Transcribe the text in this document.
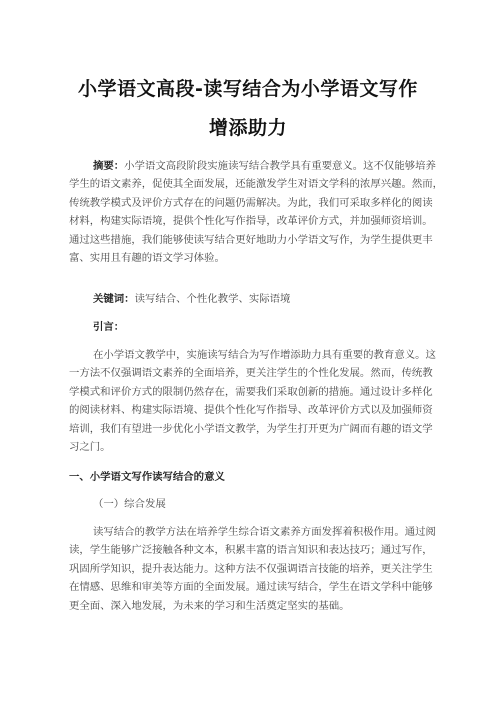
小学语文高段-读写结合为小学语文写作
增添助力
摘要：小学语文高段阶段实施读写结合教学具有重要意义。这不仅能够培养
学生的语文素养，促使其全面发展，还能激发学生对语文学科的浓厚兴趣。然而，
传统教学模式及评价方式存在的问题仍需解决。为此，我们可采取多样化的阅读
材料，构建实际语境，提供个性化写作指导，改革评价方式，并加强师资培训。
通过这些措施，我们能够使读写结合更好地助力小学语文写作，为学生提供更丰
富、实用且有趣的语文学习体验。
关键词：读写结合、个性化教学、实际语境
引言：
在小学语文教学中，实施读写结合为写作增添助力具有重要的教育意义。这
一方法不仅强调语文素养的全面培养，更关注学生的个性化发展。然而，传统教
学模式和评价方式的限制仍然存在，需要我们采取创新的措施。通过设计多样化
的阅读材料、构建实际语境、提供个性化写作指导、改革评价方式以及加强师资
培训，我们有望进一步优化小学语文教学，为学生打开更为广阔而有趣的语文学
习之门。
一、小学语文写作读写结合的意义
（一）综合发展
读写结合的教学方法在培养学生综合语文素养方面发挥着积极作用。通过阅
读，学生能够广泛接触各种文本，积累丰富的语言知识和表达技巧；通过写作，
巩固所学知识，提升表达能力。这种方法不仅强调语言技能的培养，更关注学生
在情感、思维和审美等方面的全面发展。通过读写结合，学生在语文学科中能够
更全面、深入地发展，为未来的学习和生活奠定坚实的基础。
